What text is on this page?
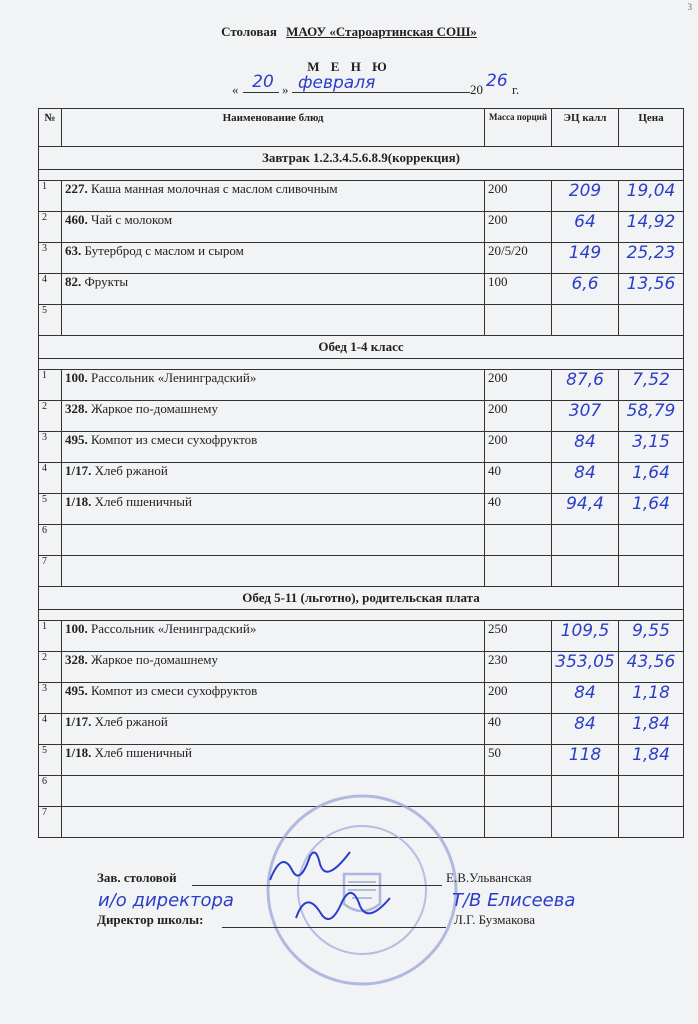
3
Столовая МАОУ «Староартинская СОШ»
М Е Н Ю
« 20 » февраля	20 26 г.
№	Наименование блюд	Масса порций	ЭЦ калл	Цена
Завтрак 1.2.3.4.5.6.8.9(коррекция)				

1	227. Каша манная молочная с маслом сливочным	200	209	19,04
2	460. Чай с молоком	200	64	14,92
3	63. Бутерброд с маслом и сыром	20/5/20	149	25,23
4	82. Фрукты	100	6,6	13,56
5				
Обед 1-4 класс				

1	100. Рассольник «Ленинградский»	200	87,6	7,52
2	328. Жаркое по-домашнему	200	307	58,79
3	495. Компот из смеси сухофруктов	200	84	3,15
4	1/17. Хлеб ржаной	40	84	1,64
5	1/18. Хлеб пшеничный	40	94,4	1,64
6				
7				
Обед 5-11 (льготно), родительская плата				

1	100. Рассольник «Ленинградский»	250	109,5	9,55
2	328. Жаркое по-домашнему	230	353,05	43,56
3	495. Компот из смеси сухофруктов	200	84	1,18
4	1/17. Хлеб ржаной	40	84	1,84
5	1/18. Хлеб пшеничный	50	118	1,84
6				
7				
Зав. столовой	Е.В.Ульванская
Директор школы:	Л.Г. Бузмакова
и/о директора	Т/В Елисеева
